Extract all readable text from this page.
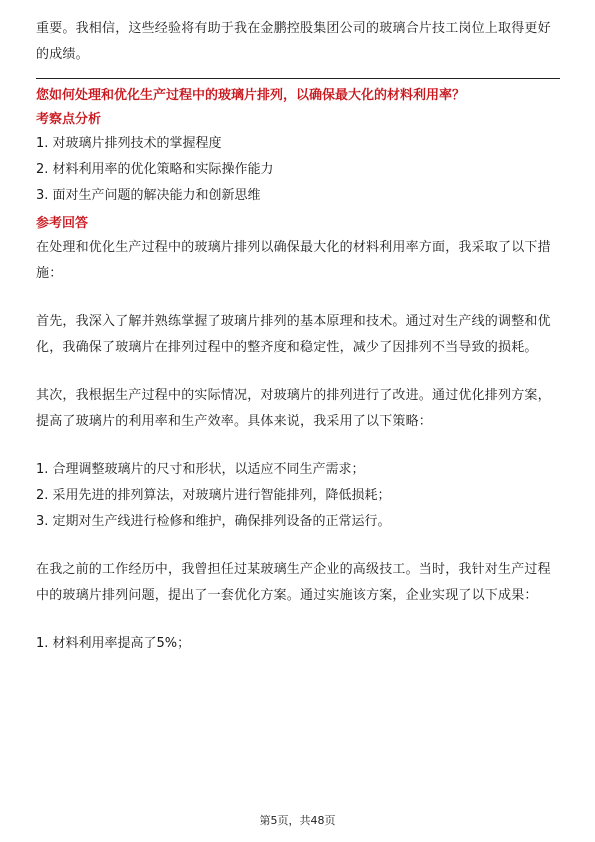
重要。我相信，这些经验将有助于我在金鹏控股集团公司的玻璃合片技工岗位上取得更好的成绩。

您如何处理和优化生产过程中的玻璃片排列，以确保最大化的材料利用率？

考察点分析

1. 对玻璃片排列技术的掌握程度

2. 材料利用率的优化策略和实际操作能力

3. 面对生产问题的解决能力和创新思维

参考回答

在处理和优化生产过程中的玻璃片排列以确保最大化的材料利用率方面，我采取了以下措施：

首先，我深入了解并熟练掌握了玻璃片排列的基本原理和技术。通过对生产线的调整和优化，我确保了玻璃片在排列过程中的整齐度和稳定性，减少了因排列不当导致的损耗。

其次，我根据生产过程中的实际情况，对玻璃片的排列进行了改进。通过优化排列方案，提高了玻璃片的利用率和生产效率。具体来说，我采用了以下策略：

1. 合理调整玻璃片的尺寸和形状，以适应不同生产需求；

2. 采用先进的排列算法，对玻璃片进行智能排列，降低损耗；

3. 定期对生产线进行检修和维护，确保排列设备的正常运行。

在我之前的工作经历中，我曾担任过某玻璃生产企业的高级技工。当时，我针对生产过程中的玻璃片排列问题，提出了一套优化方案。通过实施该方案，企业实现了以下成果：

1. 材料利用率提高了5%；

第5页，共48页
